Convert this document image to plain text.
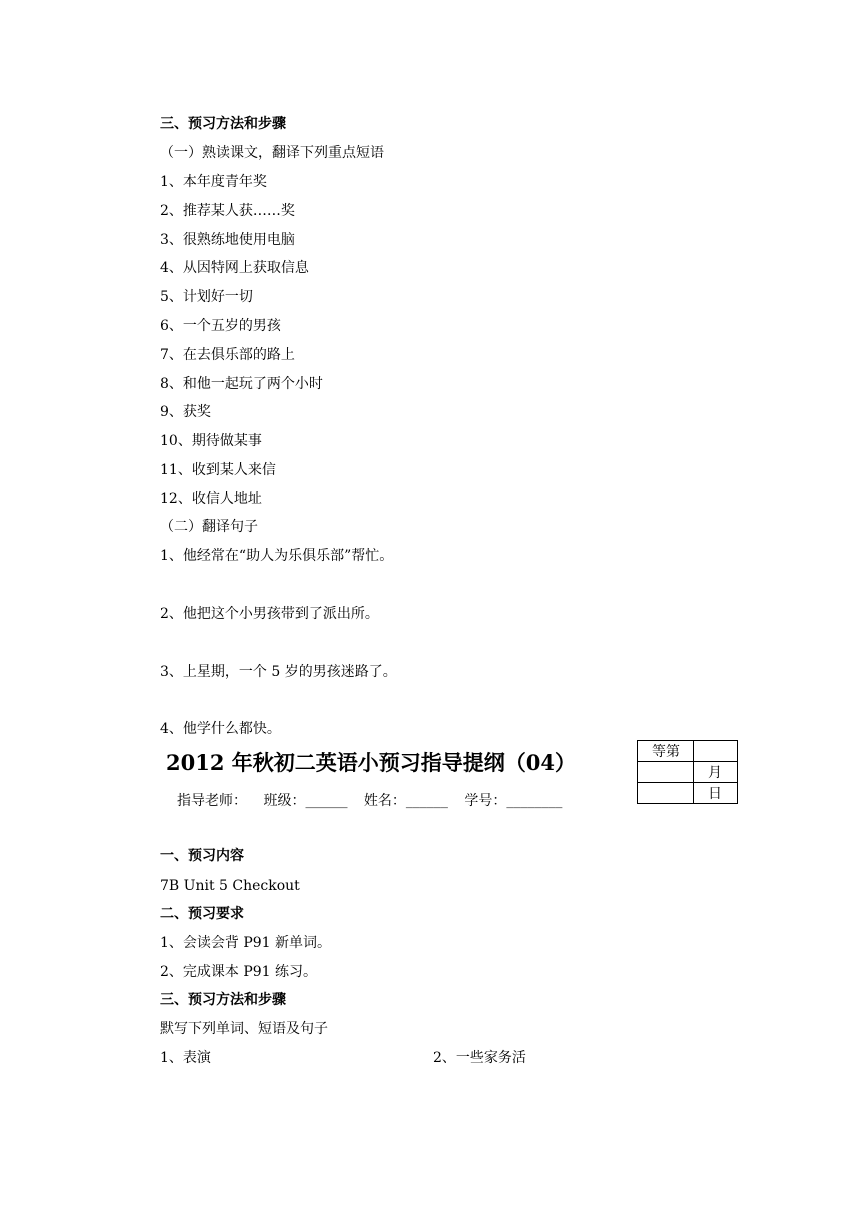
三、预习方法和步骤
（一）熟读课文，翻译下列重点短语
1、本年度青年奖
2、推荐某人获……奖
3、很熟练地使用电脑
4、从因特网上获取信息
5、计划好一切
6、一个五岁的男孩
7、在去俱乐部的路上
8、和他一起玩了两个小时
9、获奖
10、期待做某事
11、收到某人来信
12、收信人地址
（二）翻译句子
1、他经常在“助人为乐俱乐部”帮忙。
2、他把这个小男孩带到了派出所。
3、上星期，一个 5 岁的男孩迷路了。
4、他学什么都快。
2012 年秋初二英语小预习指导提纲（04）
指导老师： 班级：______ 姓名：______ 学号：________
等第	
	月
	日
一、预习内容
7B Unit 5 Checkout
二、预习要求
1、会读会背 P91 新单词。
2、完成课本 P91 练习。
三、预习方法和步骤
默写下列单词、短语及句子
1、表演	2、一些家务活
